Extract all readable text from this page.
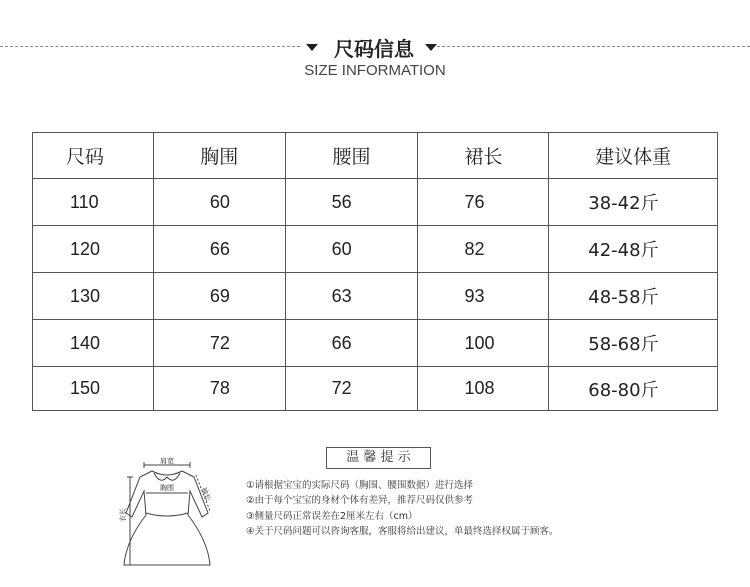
尺码信息
SIZE INFORMATION
尺码	胸围	腰围	裙长	建议体重
110	60	56	76	38-42斤
120	66	60	82	42-48斤
130	69	63	93	48-58斤
140	72	66	100	58-68斤
150	78	72	108	68-80斤
肩宽
胸围	袖长
衣长
温 馨 提 示
①请根据宝宝的实际尺码（胸围、腰围数据）进行选择
②由于每个宝宝的身材个体有差异，推荐尺码仅供参考
③侧量尺码正常误差在2厘米左右（cm）
④关于尺码问题可以咨询客服，客服将给出建议，单最终选择权属于顾客。
